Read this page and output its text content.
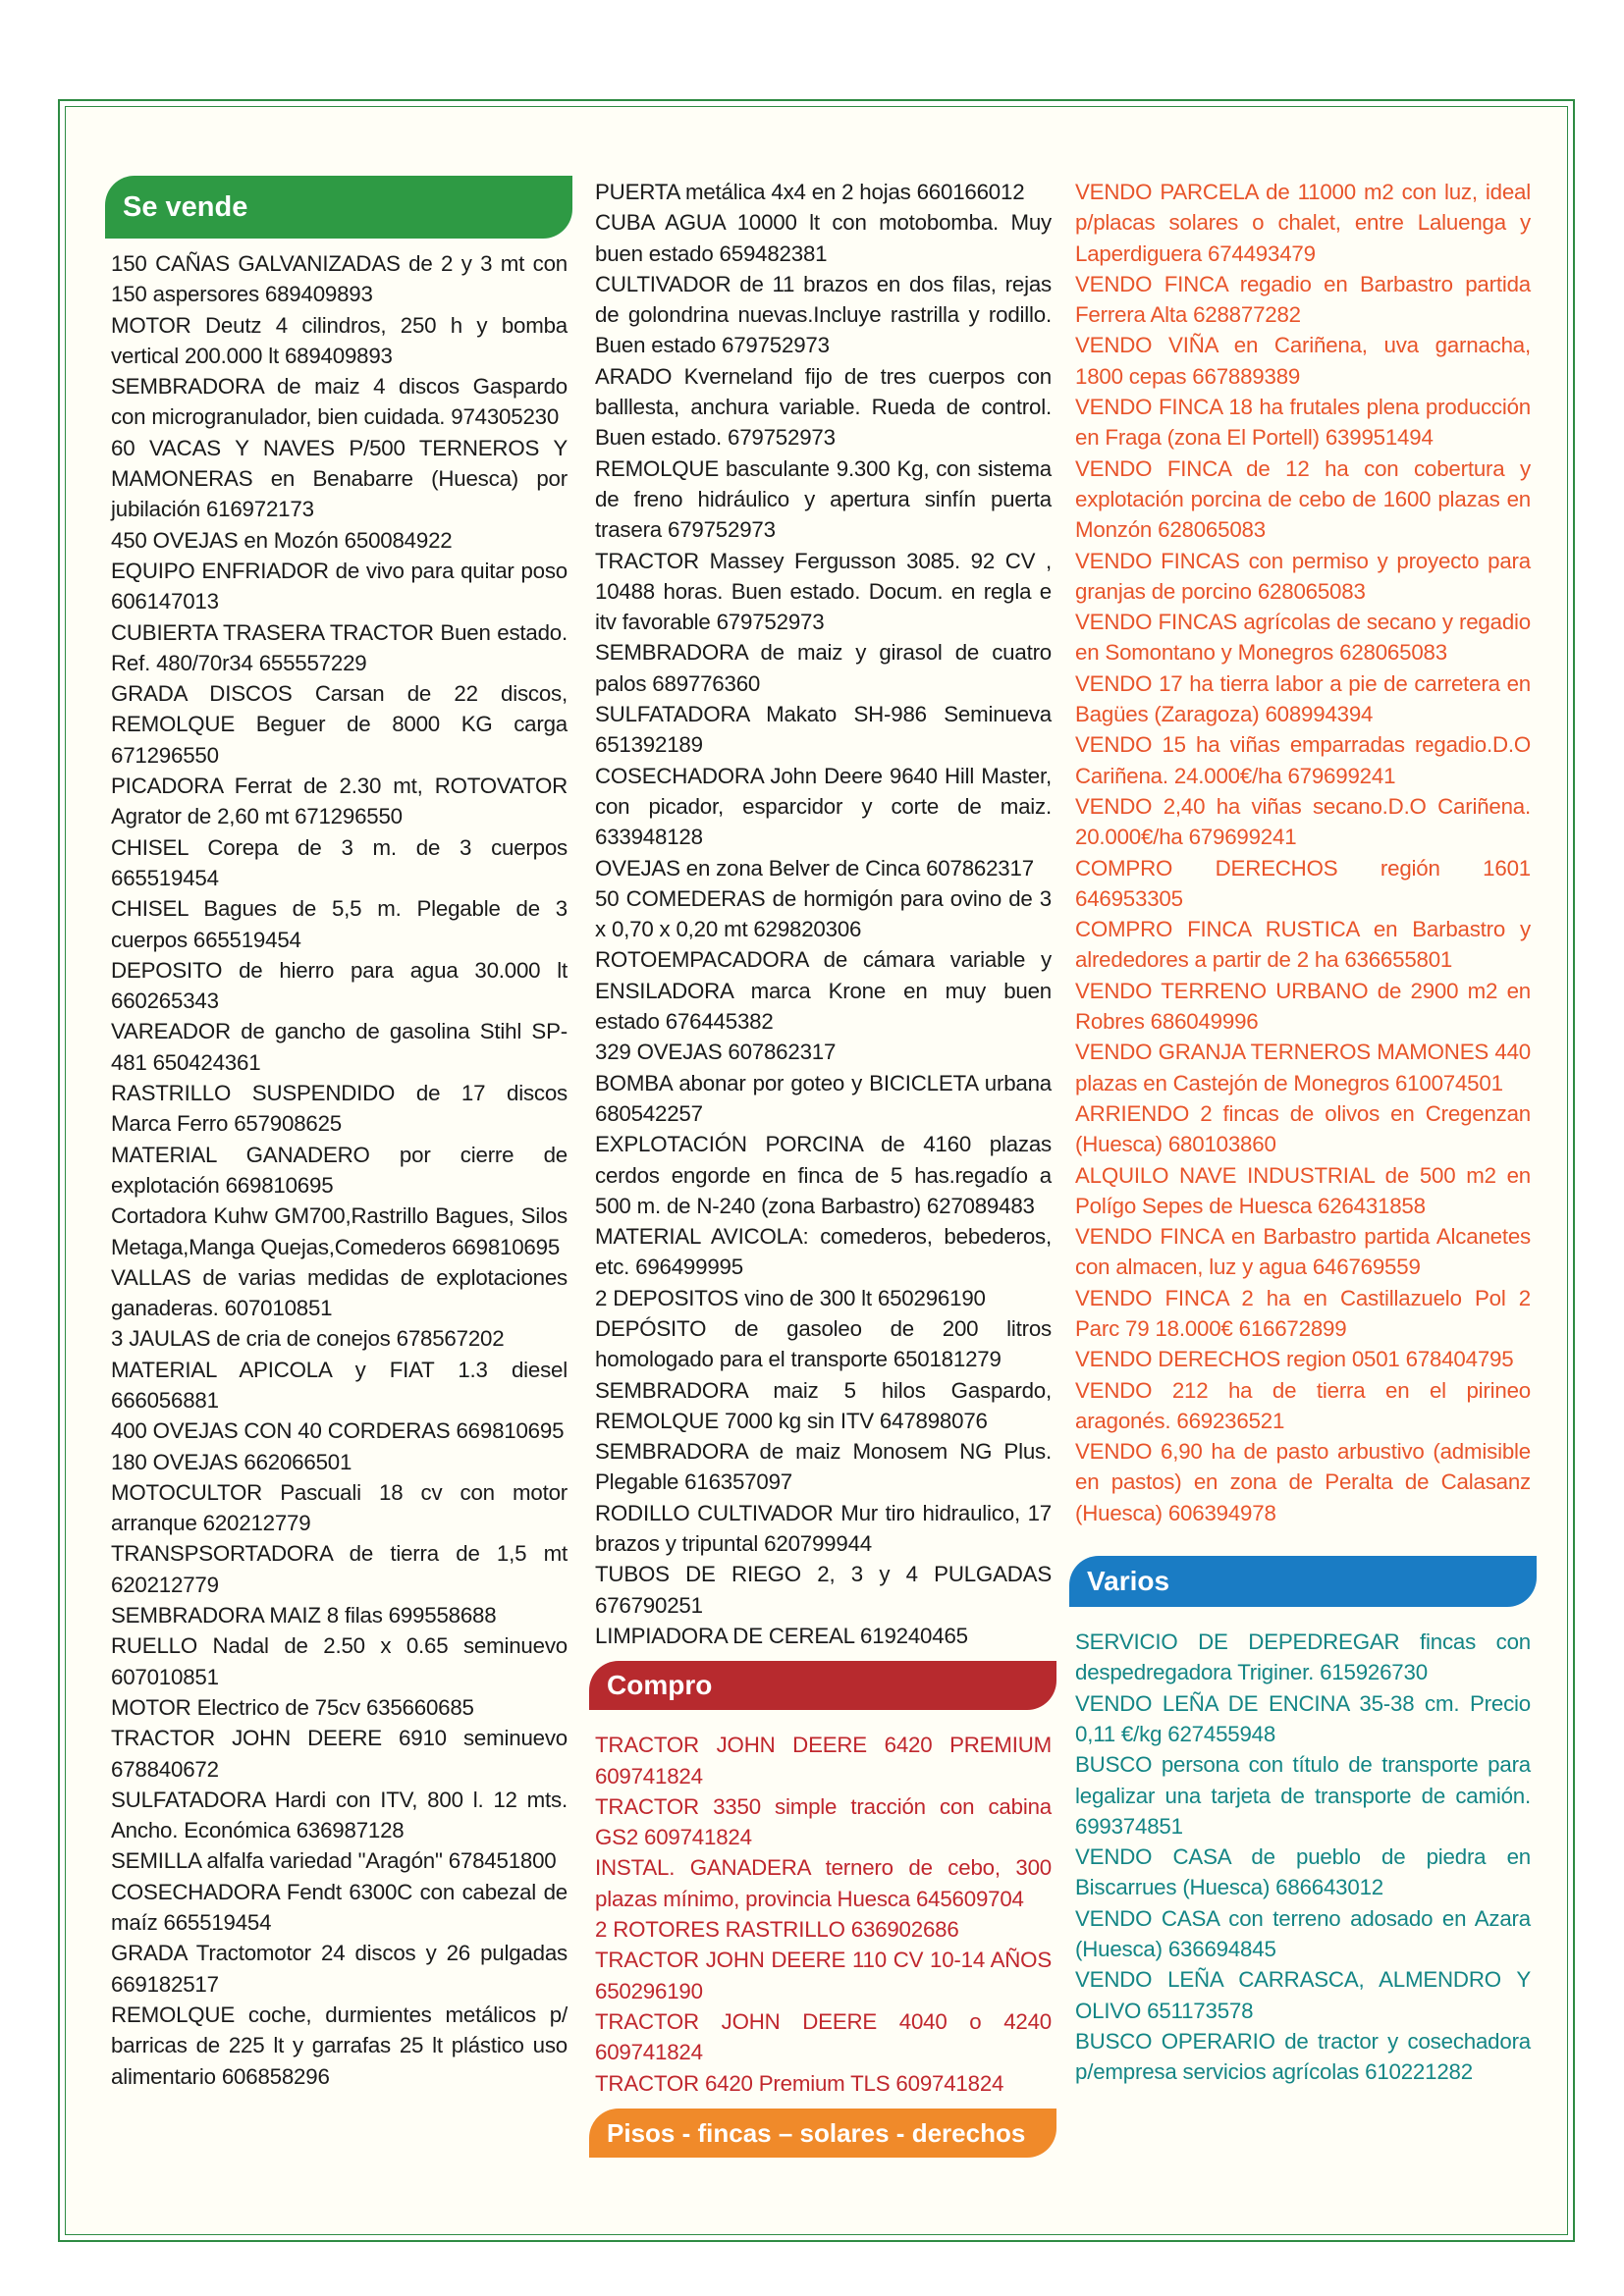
Se vende
150 CAÑAS GALVANIZADAS de 2 y 3 mt con 150 aspersores 689409893
MOTOR Deutz 4 cilindros, 250 h y bomba vertical 200.000 lt 689409893
SEMBRADORA de maiz 4 discos Gaspardo con microgranulador, bien cuidada. 974305230
60 VACAS Y NAVES P/500 TERNEROS Y MAMONERAS en Benabarre (Huesca) por jubilación 616972173
450 OVEJAS en Mozón 650084922
EQUIPO ENFRIADOR de vivo para quitar poso 606147013
CUBIERTA TRASERA TRACTOR Buen estado. Ref. 480/70r34 655557229
GRADA DISCOS Carsan de 22 discos, REMOLQUE Beguer de 8000 KG carga 671296550
PICADORA Ferrat de 2.30 mt, ROTOVATOR Agrator de 2,60 mt 671296550
CHISEL Corepa de 3 m. de 3 cuerpos 665519454
CHISEL Bagues de 5,5 m. Plegable de 3 cuerpos 665519454
DEPOSITO de hierro para agua 30.000 lt 660265343
VAREADOR de gancho de gasolina Stihl SP-481 650424361
RASTRILLO SUSPENDIDO de 17 discos Marca Ferro 657908625
MATERIAL GANADERO por cierre de explotación 669810695
Cortadora Kuhw GM700,Rastrillo Bagues, Silos Metaga,Manga Quejas,Comederos 669810695
VALLAS de varias medidas de explotaciones ganaderas. 607010851
3 JAULAS de cria de conejos 678567202
MATERIAL APICOLA y FIAT 1.3 diesel 666056881
400 OVEJAS CON 40 CORDERAS 669810695
180 OVEJAS 662066501
MOTOCULTOR Pascuali 18 cv con motor arranque 620212779
TRANSPSORTADORA de tierra de 1,5 mt 620212779
SEMBRADORA MAIZ 8 filas 699558688
RUELLO Nadal de 2.50 x 0.65 seminuevo 607010851
MOTOR Electrico de 75cv 635660685
TRACTOR JOHN DEERE 6910 seminuevo 678840672
SULFATADORA Hardi con ITV, 800 l. 12 mts. Ancho. Económica 636987128
SEMILLA alfalfa variedad "Aragón" 678451800
COSECHADORA Fendt 6300C con cabezal de maíz 665519454
GRADA Tractomotor 24 discos y 26 pulgadas 669182517
REMOLQUE coche, durmientes metálicos p/ barricas de 225 lt y garrafas 25 lt plástico uso alimentario 606858296
PUERTA metálica 4x4 en 2 hojas 660166012
CUBA AGUA 10000 lt con motobomba. Muy buen estado 659482381
CULTIVADOR de 11 brazos en dos filas, rejas de golondrina nuevas.Incluye rastrilla y rodillo. Buen estado 679752973
ARADO Kverneland fijo de tres cuerpos con balllesta, anchura variable. Rueda de control. Buen estado. 679752973
REMOLQUE basculante 9.300 Kg, con sistema de freno hidráulico y apertura sinfín puerta trasera 679752973
TRACTOR Massey Fergusson 3085. 92 CV , 10488 horas. Buen estado. Docum. en regla e itv favorable 679752973
SEMBRADORA de maiz y girasol de cuatro palos 689776360
SULFATADORA Makato SH-986 Seminueva 651392189
COSECHADORA John Deere 9640 Hill Master, con picador, esparcidor y corte de maiz. 633948128
OVEJAS en zona Belver de Cinca 607862317
50 COMEDERAS de hormigón para ovino de 3 x 0,70 x 0,20 mt 629820306
ROTOEMPACADORA de cámara variable y ENSILADORA marca Krone en muy buen estado 676445382
329 OVEJAS 607862317
BOMBA abonar por goteo y BICICLETA urbana 680542257
EXPLOTACIÓN PORCINA de 4160 plazas cerdos engorde en finca de 5 has.regadío a 500 m. de N-240 (zona Barbastro) 627089483
MATERIAL AVICOLA: comederos, bebederos, etc. 696499995
2 DEPOSITOS vino de 300 lt 650296190
DEPÓSITO de gasoleo de 200 litros homologado para el transporte 650181279
SEMBRADORA maiz 5 hilos Gaspardo, REMOLQUE 7000 kg sin ITV 647898076
SEMBRADORA de maiz Monosem NG Plus. Plegable 616357097
RODILLO CULTIVADOR Mur tiro hidraulico, 17 brazos y tripuntal 620799944
TUBOS DE RIEGO 2, 3 y 4 PULGADAS 676790251
LIMPIADORA DE CEREAL 619240465
Compro
TRACTOR JOHN DEERE 6420 PREMIUM 609741824
TRACTOR 3350 simple tracción con cabina GS2 609741824
INSTAL. GANADERA ternero de cebo, 300 plazas mínimo, provincia Huesca 645609704
2 ROTORES RASTRILLO 636902686
TRACTOR JOHN DEERE 110 CV 10-14 AÑOS 650296190
TRACTOR JOHN DEERE 4040 o 4240 609741824
TRACTOR 6420 Premium TLS 609741824
Pisos - fincas – solares - derechos
VENDO PARCELA de 11000 m2 con luz, ideal p/placas solares o chalet, entre Laluenga y Laperdiguera 674493479
VENDO FINCA regadio en Barbastro partida Ferrera Alta 628877282
VENDO VIÑA en Cariñena, uva garnacha, 1800 cepas 667889389
VENDO FINCA 18 ha frutales plena producción en Fraga (zona El Portell) 639951494
VENDO FINCA de 12 ha con cobertura y explotación porcina de cebo de 1600 plazas en Monzón 628065083
VENDO FINCAS con permiso y proyecto para granjas de porcino 628065083
VENDO FINCAS agrícolas de secano y regadio en Somontano y Monegros 628065083
VENDO 17 ha tierra labor a pie de carretera en Bagües (Zaragoza) 608994394
VENDO 15 ha viñas emparradas regadio.D.O Cariñena. 24.000€/ha 679699241
VENDO 2,40 ha viñas secano.D.O Cariñena. 20.000€/ha 679699241
COMPRO DERECHOS región 1601 646953305
COMPRO FINCA RUSTICA en Barbastro y alrededores a partir de 2 ha 636655801
VENDO TERRENO URBANO de 2900 m2 en Robres 686049996
VENDO GRANJA TERNEROS MAMONES 440 plazas en Castejón de Monegros 610074501
ARRIENDO 2 fincas de olivos en Cregenzan (Huesca) 680103860
ALQUILO NAVE INDUSTRIAL de 500 m2 en Polígo Sepes de Huesca 626431858
VENDO FINCA en Barbastro partida Alcanetes con almacen, luz y agua 646769559
VENDO FINCA 2 ha en Castillazuelo Pol 2 Parc 79 18.000€ 616672899
VENDO DERECHOS region 0501 678404795
VENDO 212 ha de tierra en el pirineo aragonés. 669236521
VENDO 6,90 ha de pasto arbustivo (admisible en pastos) en zona de Peralta de Calasanz (Huesca) 606394978
Varios
SERVICIO DE DEPEDREGAR fincas con despedregadora Triginer. 615926730
VENDO LEÑA DE ENCINA 35-38 cm. Precio 0,11 €/kg 627455948
BUSCO persona con título de transporte para legalizar una tarjeta de transporte de camión. 699374851
VENDO CASA de pueblo de piedra en Biscarrues (Huesca) 686643012
VENDO CASA con terreno adosado en Azara (Huesca) 636694845
VENDO LEÑA CARRASCA, ALMENDRO Y OLIVO 651173578
BUSCO OPERARIO de tractor y cosechadora p/empresa servicios agrícolas 610221282
